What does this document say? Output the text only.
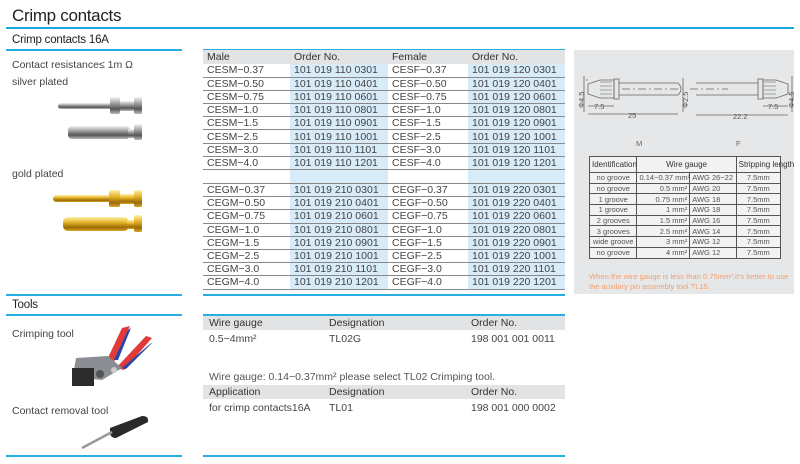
Crimp contacts
Crimp contacts 16A
Contact resistance≤ 1m Ω
silver plated
gold plated
Male	Order No.	Female	Order No.
CESM−0.37	101 019 110 0301	CESF−0.37	101 019 120 0301
CESM−0.50	101 019 110 0401	CESF−0.50	101 019 120 0401
CESM−0.75	101 019 110 0601	CESF−0.75	101 019 120 0601
CESM−1.0	101 019 110 0801	CESF−1.0	101 019 120 0801
CESM−1.5	101 019 110 0901	CESF−1.5	101 019 120 0901
CESM−2.5	101 019 110 1001	CESF−2.5	101 019 120 1001
CESM−3.0	101 019 110 1101	CESF−3.0	101 019 120 1101
CESM−4.0	101 019 110 1201	CESF−4.0	101 019 120 1201

CEGM−0.37	101 019 210 0301	CEGF−0.37	101 019 220 0301
CEGM−0.50	101 019 210 0401	CEGF−0.50	101 019 220 0401
CEGM−0.75	101 019 210 0601	CEGF−0.75	101 019 220 0601
CEGM−1.0	101 019 210 0801	CEGF−1.0	101 019 220 0801
CEGM−1.5	101 019 210 0901	CEGF−1.5	101 019 220 0901
CEGM−2.5	101 019 210 1001	CEGF−2.5	101 019 220 1001
CEGM−3.0	101 019 210 1101	CEGF−3.0	101 019 220 1101
CEGM−4.0	101 019 210 1201	CEGF−4.0	101 019 220 1201
Φ4.5 7.5
25
Φ2.5
22.2
7.5 Φ4.5
M	F
Identification	Wire gauge		Stripping length
no groove	0.14−0.37 mm²	AWG 26−22	7.5mm
no groove	0.5 mm²	AWG 20	7.5mm
1 groove	0.75 mm²	AWG 18	7.5mm
1 groove	1 mm²	AWG 18	7.5mm
2 grooves	1.5 mm²	AWG 16	7.5mm
3 grooves	2.5 mm²	AWG 14	7.5mm
wide groove	3 mm²	AWG 12	7.5mm
no groove	4 mm²	AWG 12	7.5mm
When the wire gauge is less than 0.75mm²,it's better to use the auxilary pin assembly tool TL15.
Tools
Crimping tool
Contact removal tool
Wire gauge	Designation	Order No.
0.5−4mm²	TL02G	198 001 001 0011
Wire gauge: 0.14−0.37mm² please select TL02 Crimping tool.
Application	Designation	Order No.
for crimp contacts16A	TL01	198 001 000 0002
